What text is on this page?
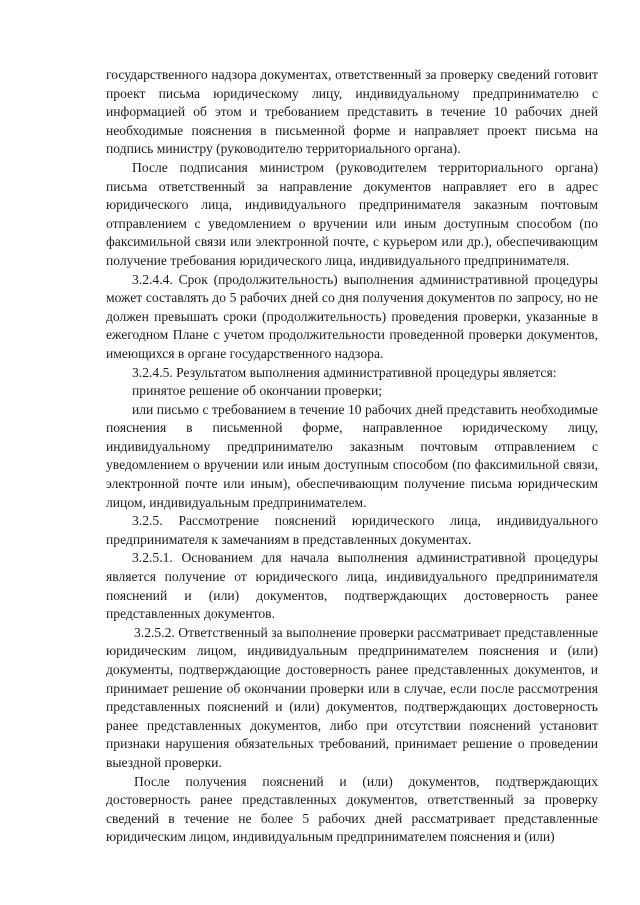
государственного надзора документах, ответственный за проверку сведений готовит проект письма юридическому лицу, индивидуальному предпринимателю с информацией об этом и требованием представить в течение 10 рабочих дней необходимые пояснения в письменной форме и направляет проект письма на подпись министру (руководителю территориального органа).

После подписания министром (руководителем территориального органа) письма ответственный за направление документов направляет его в адрес юридического лица, индивидуального предпринимателя заказным почтовым отправлением с уведомлением о вручении или иным доступным способом (по факсимильной связи или электронной почте, с курьером или др.), обеспечивающим получение требования юридического лица, индивидуального предпринимателя.

3.2.4.4. Срок (продолжительность) выполнения административной процедуры может составлять до 5 рабочих дней со дня получения документов по запросу, но не должен превышать сроки (продолжительность) проведения проверки, указанные в ежегодном Плане с учетом продолжительности проведенной проверки документов, имеющихся в органе государственного надзора.

3.2.4.5. Результатом выполнения административной процедуры является:

принятое решение об окончании проверки;

или письмо с требованием в течение 10 рабочих дней представить необходимые пояснения в письменной форме, направленное юридическому лицу, индивидуальному предпринимателю заказным почтовым отправлением с уведомлением о вручении или иным доступным способом (по факсимильной связи, электронной почте или иным), обеспечивающим получение письма юридическим лицом, индивидуальным предпринимателем.

3.2.5. Рассмотрение пояснений юридического лица, индивидуального предпринимателя к замечаниям в представленных документах.

3.2.5.1. Основанием для начала выполнения административной процедуры является получение от юридического лица, индивидуального предпринимателя пояснений и (или) документов, подтверждающих достоверность ранее представленных документов.

3.2.5.2. Ответственный за выполнение проверки рассматривает представленные юридическим лицом, индивидуальным предпринимателем пояснения и (или) документы, подтверждающие достоверность ранее представленных документов, и принимает решение об окончании проверки или в случае, если после рассмотрения представленных пояснений и (или) документов, подтверждающих достоверность ранее представленных документов, либо при отсутствии пояснений установит признаки нарушения обязательных требований, принимает решение о проведении выездной проверки.

После получения пояснений и (или) документов, подтверждающих достоверность ранее представленных документов, ответственный за проверку сведений в течение не более 5 рабочих дней рассматривает представленные юридическим лицом, индивидуальным предпринимателем пояснения и (или)
